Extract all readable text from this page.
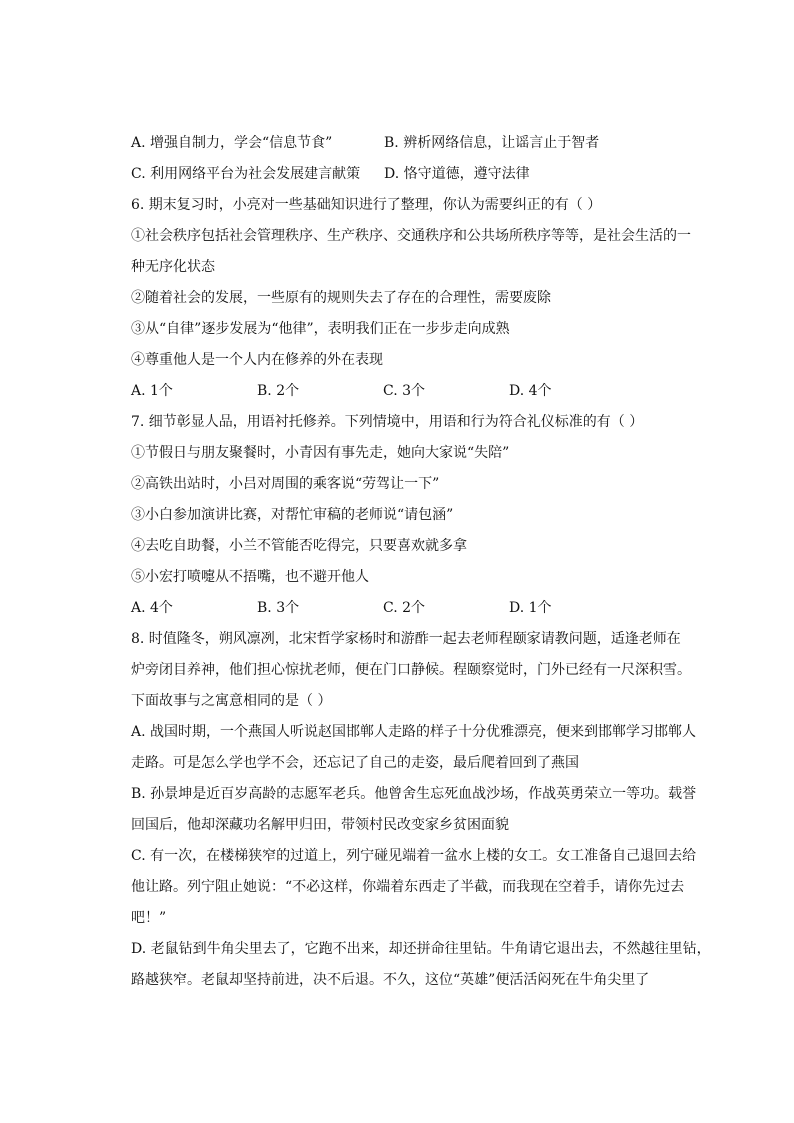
A. 增强自制力，学会“信息节食”	B. 辨析网络信息，让谣言止于智者
C. 利用网络平台为社会发展建言献策	D. 恪守道德，遵守法律
6. 期末复习时，小亮对一些基础知识进行了整理，你认为需要纠正的有（ ）
①社会秩序包括社会管理秩序、生产秩序、交通秩序和公共场所秩序等等，是社会生活的一
种无序化状态
②随着社会的发展，一些原有的规则失去了存在的合理性，需要废除
③从“自律”逐步发展为“他律”，表明我们正在一步步走向成熟
④尊重他人是一个人内在修养的外在表现
A. 1个	B. 2个	C. 3个	D. 4个
7. 细节彰显人品，用语衬托修养。下列情境中，用语和行为符合礼仪标准的有（ ）
①节假日与朋友聚餐时，小青因有事先走，她向大家说“失陪”
②高铁出站时，小吕对周围的乘客说“劳驾让一下”
③小白参加演讲比赛，对帮忙审稿的老师说“请包涵”
④去吃自助餐，小兰不管能否吃得完，只要喜欢就多拿
⑤小宏打喷嚏从不捂嘴，也不避开他人
A. 4个	B. 3个	C. 2个	D. 1个
8. 时值隆冬，朔风凛冽，北宋哲学家杨时和游酢一起去老师程颐家请教问题，适逢老师在
炉旁闭目养神，他们担心惊扰老师，便在门口静候。程颐察觉时，门外已经有一尺深积雪。
下面故事与之寓意相同的是（ ）
A. 战国时期，一个燕国人听说赵国邯郸人走路的样子十分优雅漂亮，便来到邯郸学习邯郸人
走路。可是怎么学也学不会，还忘记了自己的走姿，最后爬着回到了燕国
B. 孙景坤是近百岁高龄的志愿军老兵。他曾舍生忘死血战沙场，作战英勇荣立一等功。载誉
回国后，他却深藏功名解甲归田，带领村民改变家乡贫困面貌
C. 有一次，在楼梯狭窄的过道上，列宁碰见端着一盆水上楼的女工。女工准备自己退回去给
他让路。列宁阻止她说：“不必这样，你端着东西走了半截，而我现在空着手，请你先过去
吧！”
D. 老鼠钻到牛角尖里去了，它跑不出来，却还拼命往里钻。牛角请它退出去，不然越往里钻，
路越狭窄。老鼠却坚持前进，决不后退。不久，这位“英雄”便活活闷死在牛角尖里了
